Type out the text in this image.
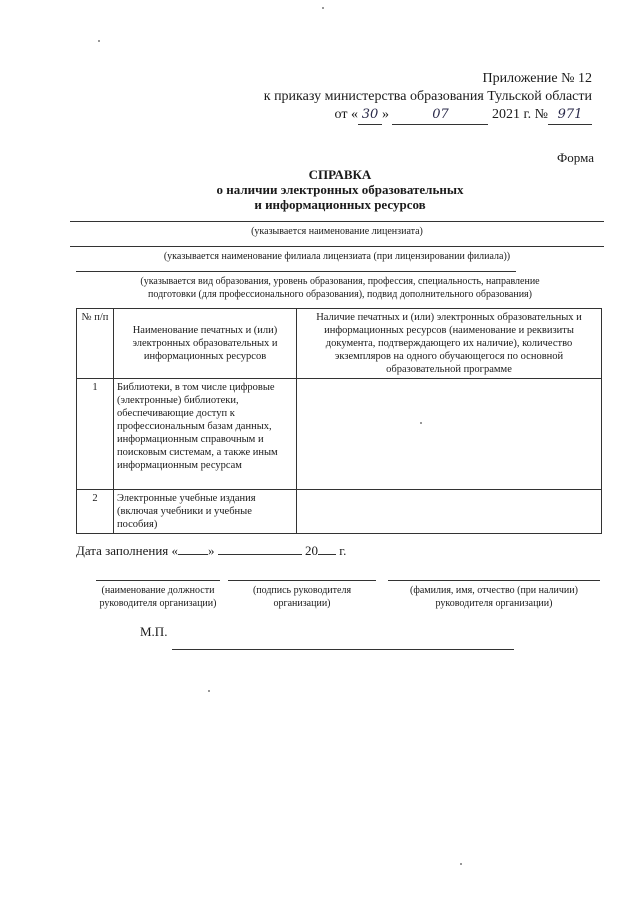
Приложение № 12
к приказу министерства образования Тульской области
от « 30 »	07	2021 г. № 971
Форма
СПРАВКА
о наличии электронных образовательных
и информационных ресурсов
(указывается наименование лицензиата)
(указывается наименование филиала лицензиата (при лицензировании филиала))
(указывается вид образования, уровень образования, профессия, специальность, направление
подготовки (для профессионального образования), подвид дополнительного образования)
№ п/п	Наименование печатных и (или) электронных образовательных и информационных ресурсов	Наличие печатных и (или) электронных образовательных и информационных ресурсов (наименование и реквизиты документа, подтверждающего их наличие), количество экземпляров на одного обучающегося по основной образовательной программе
1	Библиотеки, в том числе цифровые (электронные) библиотеки, обеспечивающие доступ к профессиональным базам данных, информационным справочным и поисковым системам, а также иным информационным ресурсам	
2	Электронные учебные издания (включая учебники и учебные пособия)	
Дата заполнения « »	20 г.
(наименование должности руководителя организации)
(подпись руководителя организации)
(фамилия, имя, отчество (при наличии) руководителя организации)
М.П.
